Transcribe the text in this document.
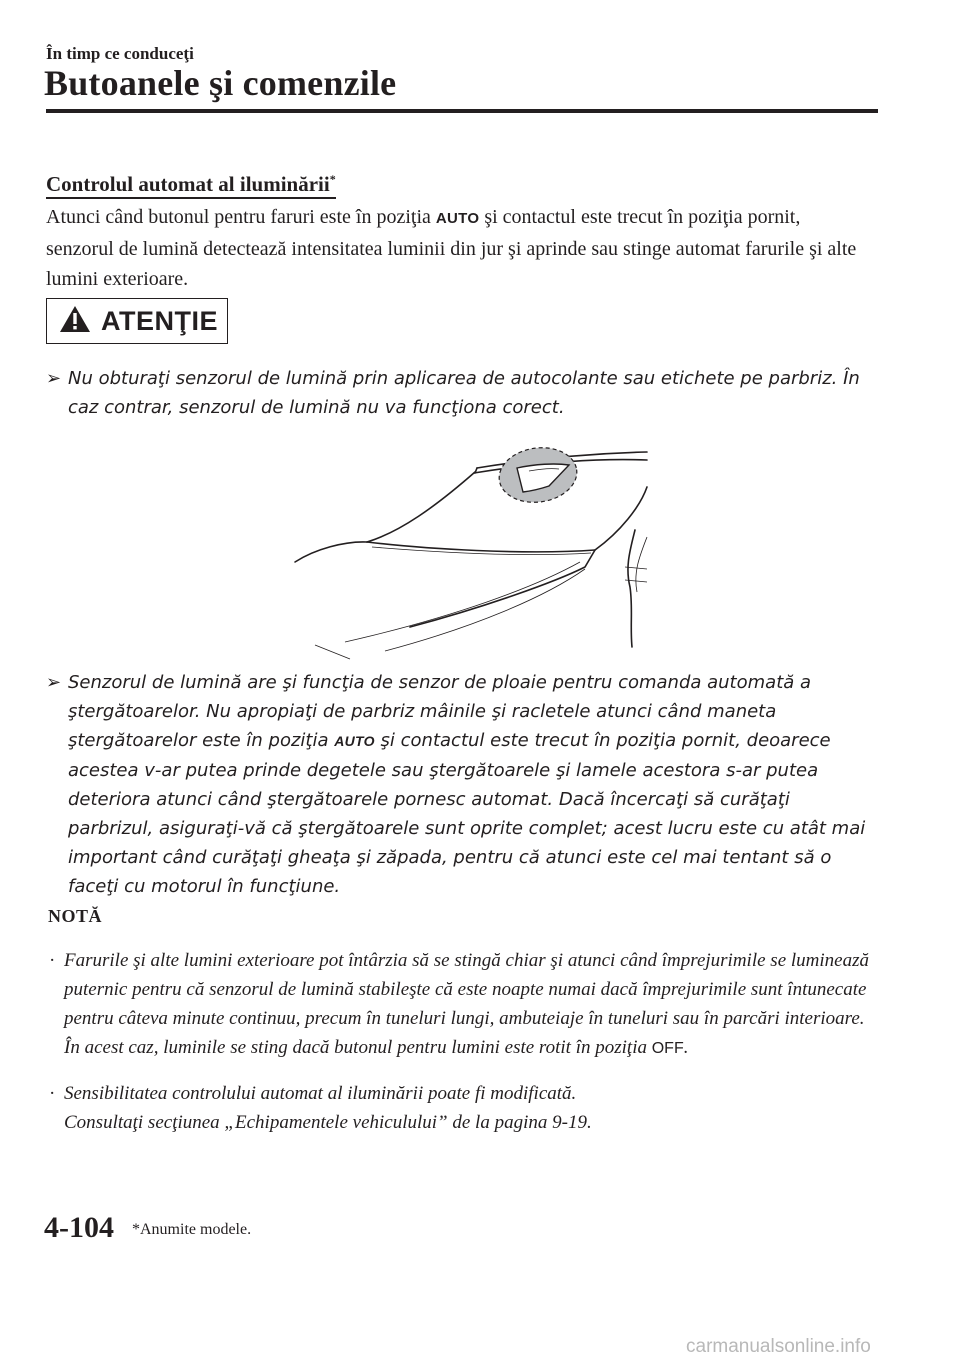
În timp ce conduceţi
Butoanele şi comenzile
Controlul automat al iluminării*
Atunci când butonul pentru faruri este în poziţia AUTO şi contactul este trecut în poziţia pornit, senzorul de lumină detectează intensitatea luminii din jur şi aprinde sau stinge automat farurile şi alte lumini exterioare.
ATENŢIE
➢ Nu obturaţi senzorul de lumină prin aplicarea de autocolante sau etichete pe parbriz. În caz contrar, senzorul de lumină nu va funcţiona corect.
➢ Senzorul de lumină are şi funcţia de senzor de ploaie pentru comanda automată a ştergătoarelor. Nu apropiaţi de parbriz mâinile şi racletele atunci când maneta ştergătoarelor este în poziţia AUTO şi contactul este trecut în poziţia pornit, deoarece acestea v-ar putea prinde degetele sau ştergătoarele şi lamele acestora s-ar putea deteriora atunci când ştergătoarele pornesc automat. Dacă încercaţi să curăţaţi parbrizul, asiguraţi-vă că ştergătoarele sunt oprite complet; acest lucru este cu atât mai important când curăţaţi gheaţa şi zăpada, pentru că atunci este cel mai tentant să o faceţi cu motorul în funcţiune.
NOTĂ
· Farurile şi alte lumini exterioare pot întârzia să se stingă chiar şi atunci când împrejurimile se luminează puternic pentru că senzorul de lumină stabileşte că este noapte numai dacă împrejurimile sunt întunecate pentru câteva minute continuu, precum în tuneluri lungi, ambuteiaje în tuneluri sau în parcări interioare.
În acest caz, luminile se sting dacă butonul pentru lumini este rotit în poziţia OFF.
· Sensibilitatea controlului automat al iluminării poate fi modificată.
Consultaţi secţiunea „Echipamentele vehiculului” de la pagina 9-19.
4-104 *Anumite modele.
carmanualsonline.info
